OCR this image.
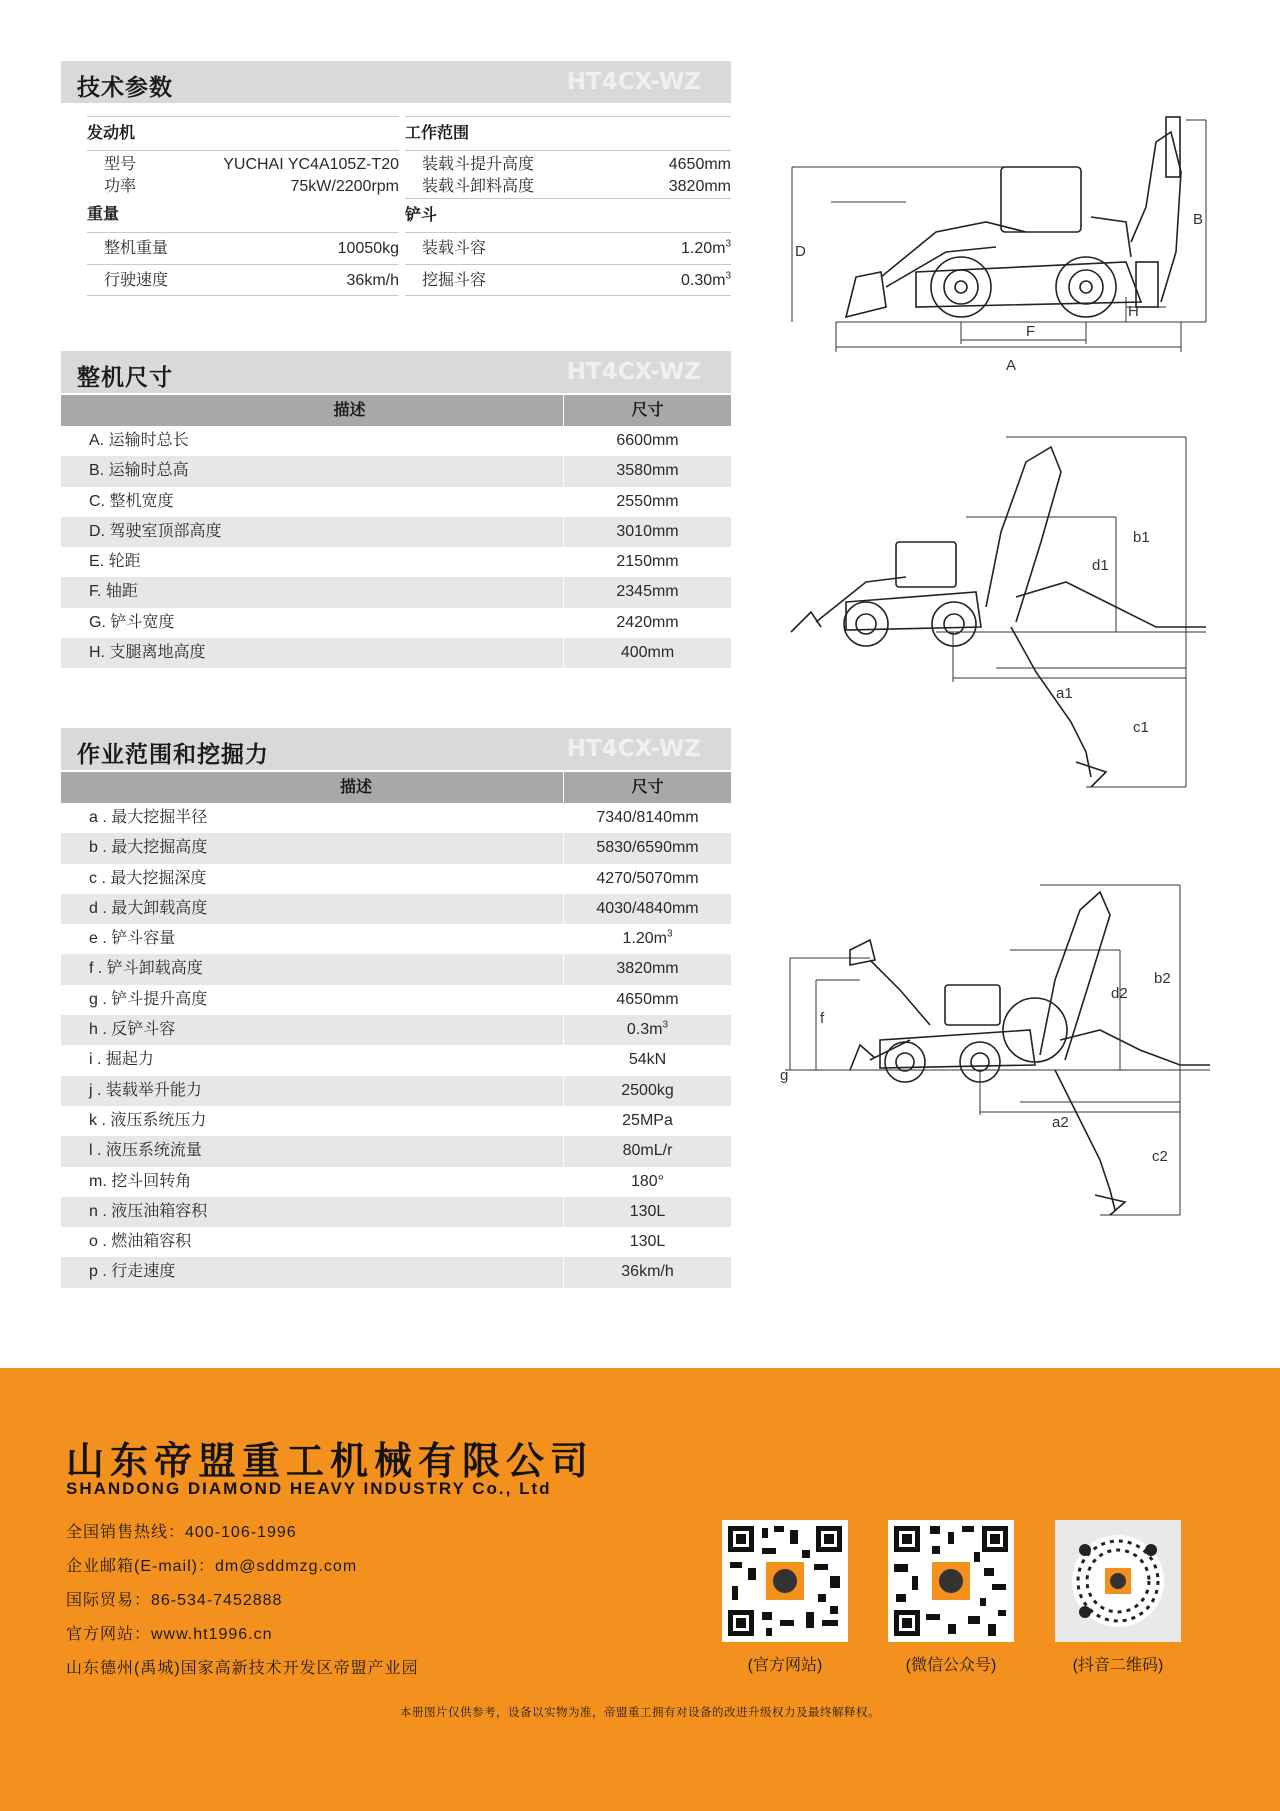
技术参数	HT4CX-WZ
发动机
型号	YUCHAI YC4A105Z-T20
功率	75kW/2200rpm
重量
整机重量	10050kg
行驶速度	36km/h
工作范围
装载斗提升高度	4650mm
装载斗卸料高度	3820mm
铲斗
装载斗容	$1.20m^3$
挖掘斗容	$0.30m^3$
整机尺寸	HT4CX-WZ
描述	尺寸
A. 运输时总长	6600mm
B. 运输时总高	3580mm
C. 整机宽度	2550mm
D. 驾驶室顶部高度	3010mm
E. 轮距	2150mm
F. 轴距	2345mm
G. 铲斗宽度	2420mm
H. 支腿离地高度	400mm
作业范围和挖掘力	HT4CX-WZ
描述	尺寸
a . 最大挖掘半径	7340/8140mm
b . 最大挖掘高度	5830/6590mm
c . 最大挖掘深度	4270/5070mm
d . 最大卸载高度	4030/4840mm
e . 铲斗容量	$1.20m^3$
f . 铲斗卸载高度	3820mm
g . 铲斗提升高度	4650mm
h . 反铲斗容	$0.3m^3$
i . 掘起力	54kN
j . 装载举升能力	2500kg
k . 液压系统压力	25MPa
l . 液压系统流量	80mL/r
m. 挖斗回转角	180°
n . 液压油箱容积	130L
o . 燃油箱容积	130L
p . 行走速度	36km/h
D
B
H
F
A
b1
d1
a1
c1
f
g
d2
b2
a2
c2
山东帝盟重工机械有限公司
SHANDONG DIAMOND HEAVY INDUSTRY Co., Ltd
全国销售热线：400-106-1996
企业邮箱(E-mail)：dm@sddmzg.com
国际贸易：86-534-7452888
官方网站：www.ht1996.cn
山东德州(禹城)国家高新技术开发区帝盟产业园	(官方网站)	(微信公众号)	(抖音二维码)
本册图片仅供参考，设备以实物为准，帝盟重工拥有对设备的改进升级权力及最终解释权。
